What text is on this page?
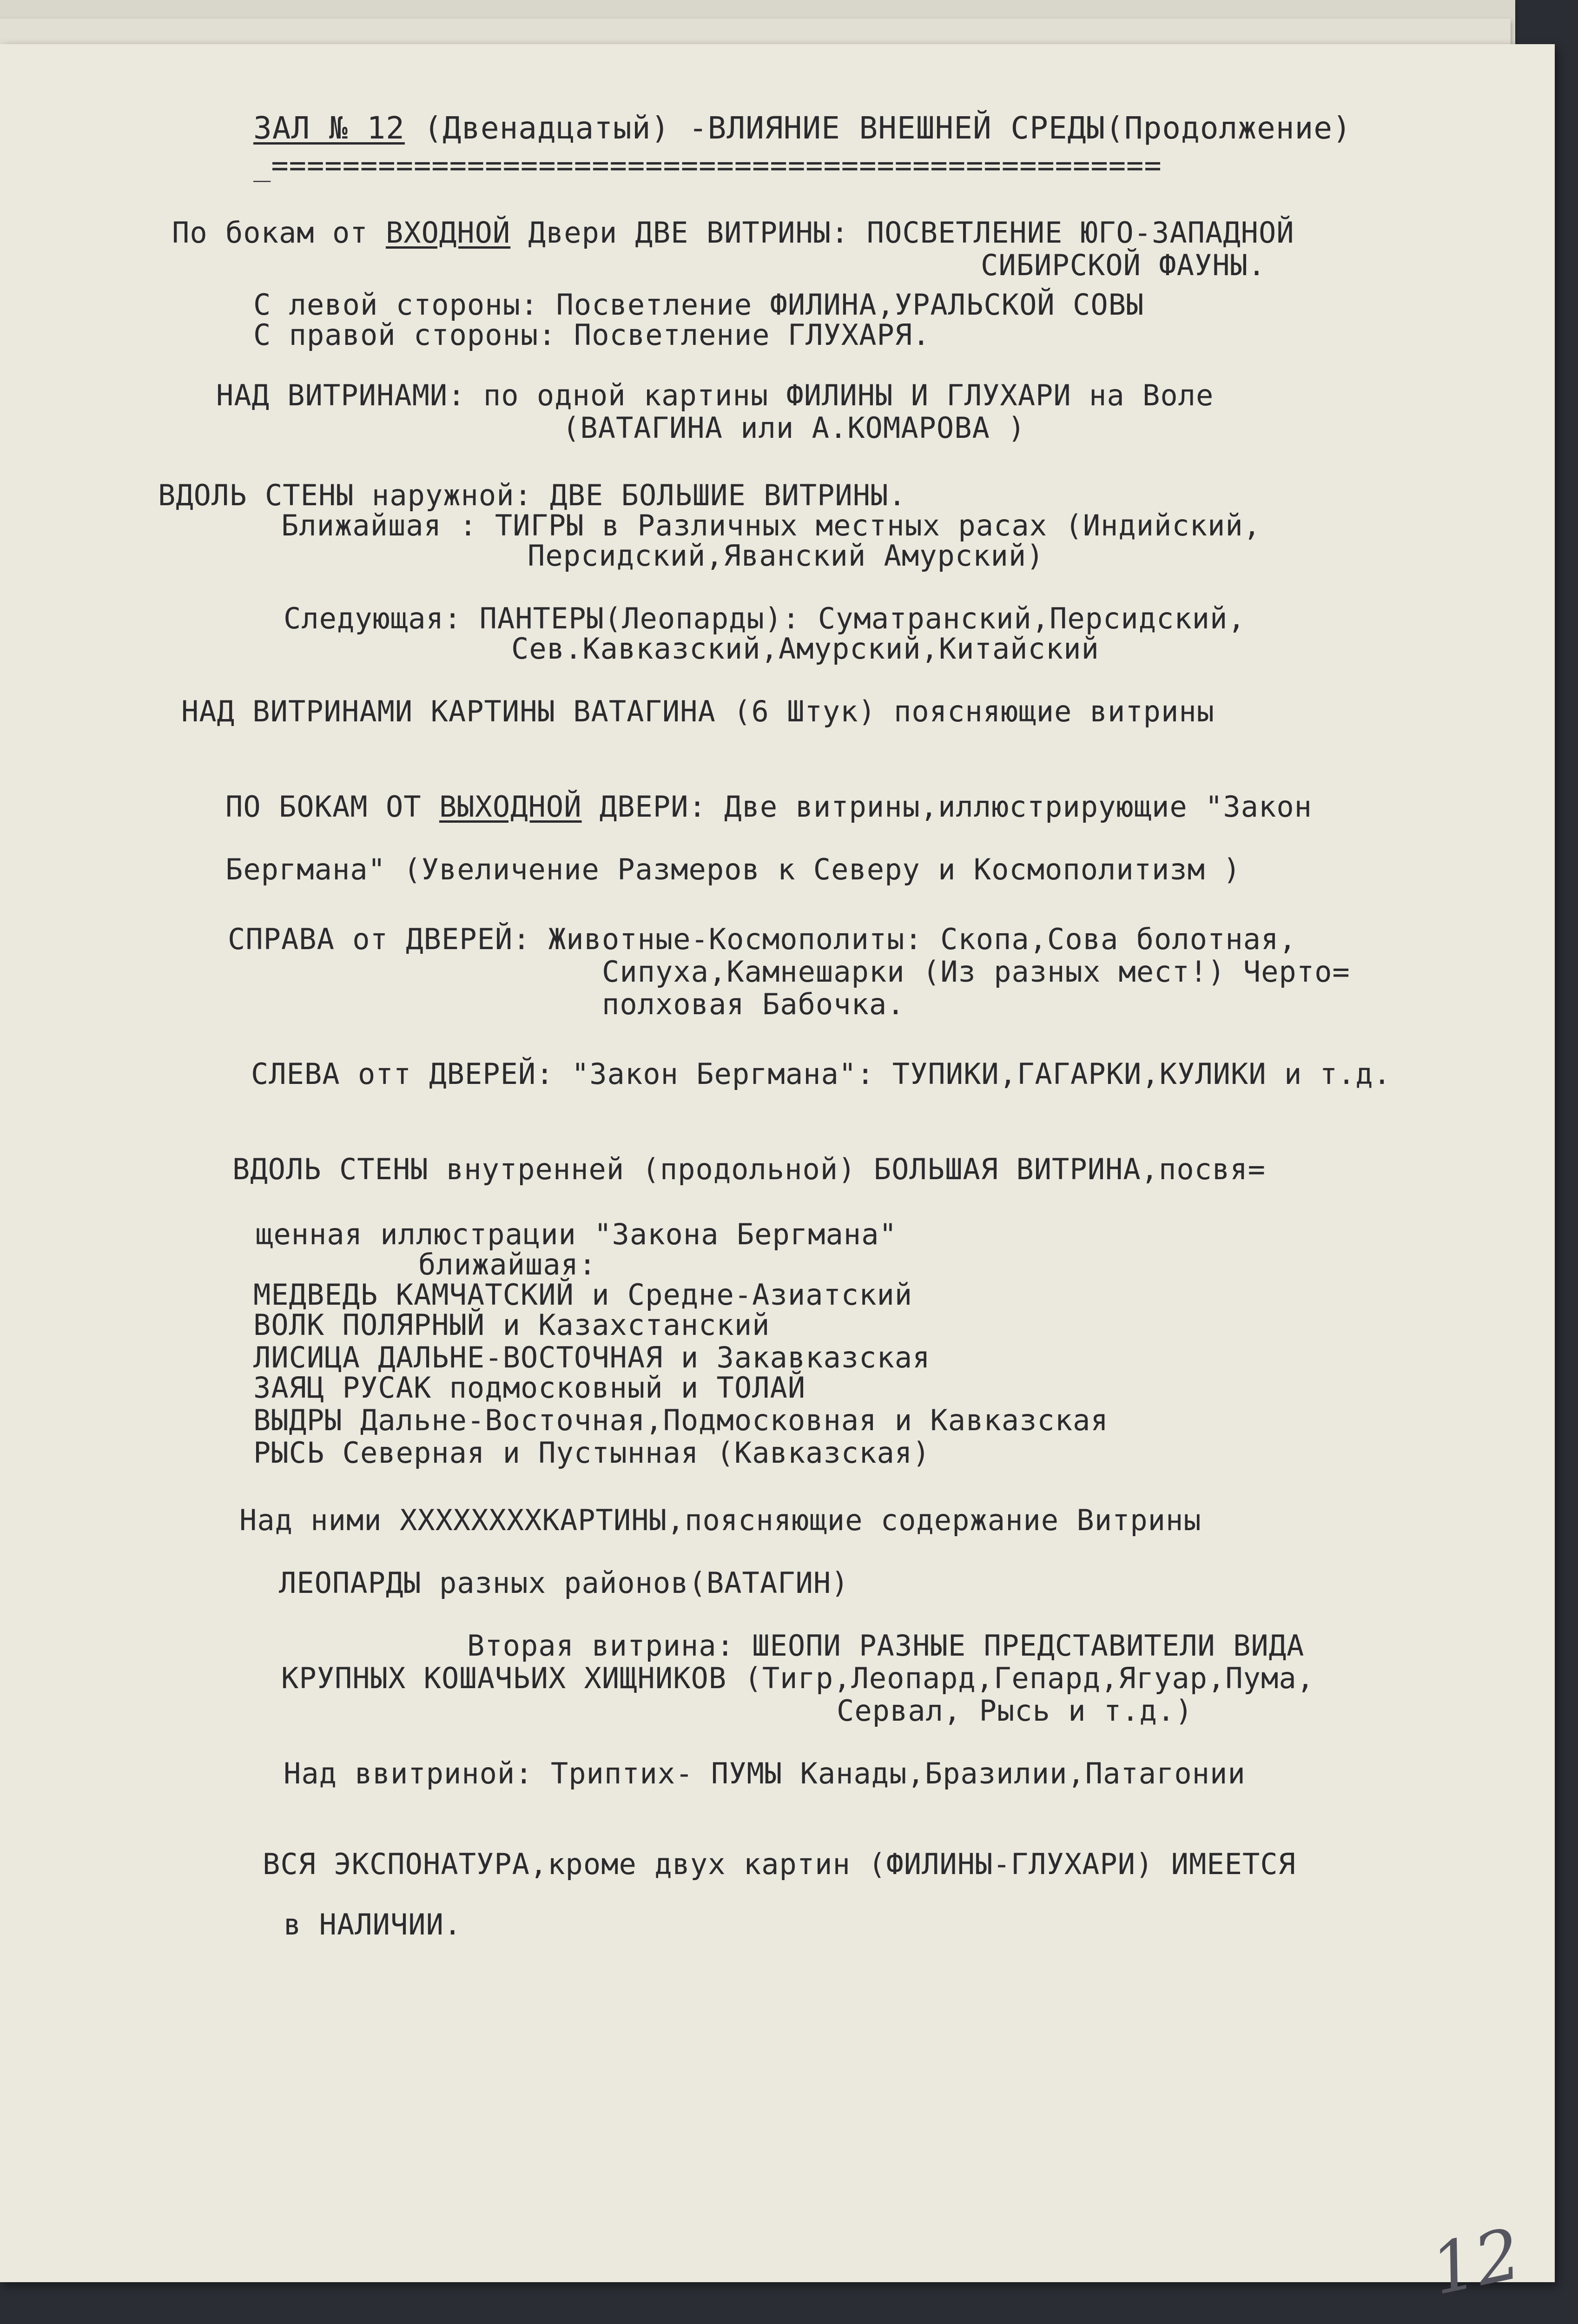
ЗАЛ № 12 (Двенадцатый) -ВЛИЯНИЕ ВНЕШНЕЙ СРЕДЫ(Продолжение)

_==================================================

По бокам от ВХОДНОЙ Двери ДВЕ ВИТРИНЫ: ПОСВЕТЛЕНИЕ ЮГО-ЗАПАДНОЙ

СИБИРСКОЙ ФАУНЫ.

С левой стороны: Посветление ФИЛИНА,УРАЛЬСКОЙ СОВЫ

С правой стороны: Посветление ГЛУХАРЯ.

НАД ВИТРИНАМИ: по одной картины ФИЛИНЫ И ГЛУХАРИ на Воле

(ВАТАГИНА или А.КОМАРОВА )

ВДОЛЬ СТЕНЫ наружной: ДВЕ БОЛЬШИЕ ВИТРИНЫ.

Ближайшая : ТИГРЫ в Различных местных расах (Индийский,

Персидский,Яванский Амурский)

Следующая: ПАНТЕРЫ(Леопарды): Суматранский,Персидский,

Сев.Кавказский,Амурский,Китайский

НАД ВИТРИНАМИ КАРТИНЫ ВАТАГИНА (6 Штук) поясняющие витрины

ПО БОКАМ ОТ ВЫХОДНОЙ ДВЕРИ: Две витрины,иллюстрирующие "Закон

Бергмана" (Увеличение Размеров к Северу и Космополитизм )

СПРАВА от ДВЕРЕЙ: Животные-Космополиты: Скопа,Сова болотная,

Сипуха,Камнешарки (Из разных мест!) Черто=

полховая Бабочка.

СЛЕВА отт ДВЕРЕЙ: "Закон Бергмана": ТУПИКИ,ГАГАРКИ,КУЛИКИ и т.д.

ВДОЛЬ СТЕНЫ внутренней (продольной) БОЛЬШАЯ ВИТРИНА,посвя=

щенная иллюстрации "Закона Бергмана"

ближайшая:

МЕДВЕДЬ КАМЧАТСКИЙ и Средне-Азиатский

ВОЛК ПОЛЯРНЫЙ и Казахстанский

ЛИСИЦА ДАЛЬНЕ-ВОСТОЧНАЯ и Закавказская

ЗАЯЦ РУСАК подмосковный и ТОЛАЙ

ВЫДРЫ Дальне-Восточная,Подмосковная и Кавказская

РЫСЬ Северная и Пустынная (Кавказская)

Над ними ХХХХХХХХКАРТИНЫ,поясняющие содержание Витрины

ЛЕОПАРДЫ разных районов(ВАТАГИН)

Вторая витрина: ШЕОПИ РАЗНЫЕ ПРЕДСТАВИТЕЛИ ВИДА

КРУПНЫХ КОШАЧЬИХ ХИЩНИКОВ (Тигр,Леопард,Гепард,Ягуар,Пума,

Сервал, Рысь и т.д.)

Над ввитриной: Триптих- ПУМЫ Канады,Бразилии,Патагонии

ВСЯ ЭКСПОНАТУРА,кроме двух картин (ФИЛИНЫ-ГЛУХАРИ) ИМЕЕТСЯ

в НАЛИЧИИ.

12
